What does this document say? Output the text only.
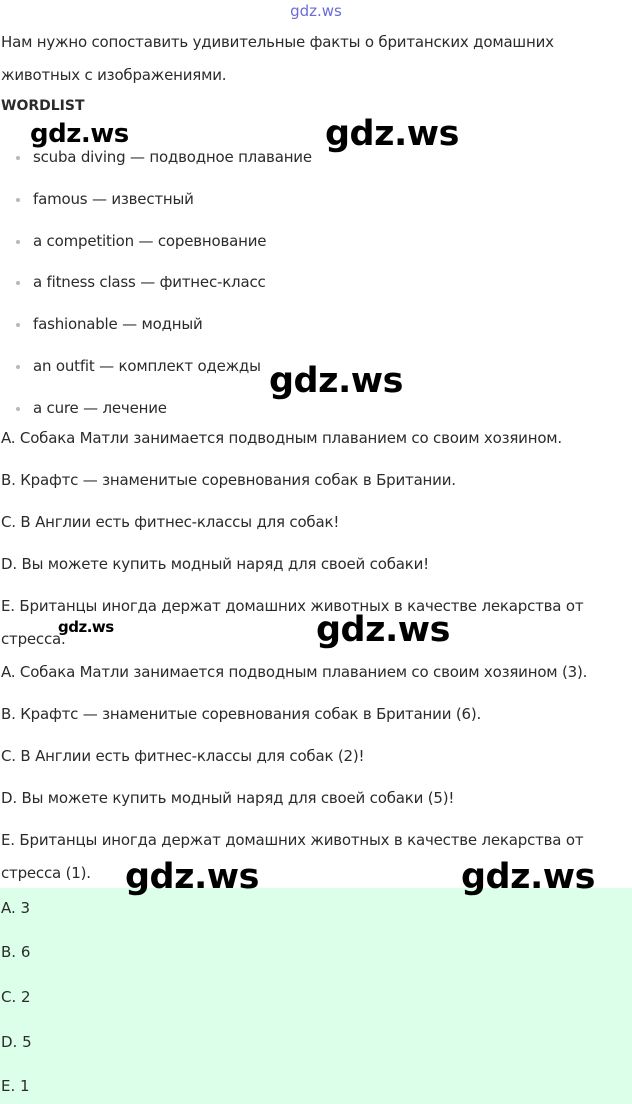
gdz.ws

Нам нужно сопоставить удивительные факты о британских домашних животных с изображениями.

WORDLIST
scuba diving — подводное плавание
famous — известный
a competition — соревнование
a fitness class — фитнес-класс
fashionable — модный
an outfit — комплект одежды
a cure — лечение

A. Собака Матли занимается подводным плаванием со своим хозяином.

B. Крафтс — знаменитые соревнования собак в Британии.

C. В Англии есть фитнес-классы для собак!

D. Вы можете купить модный наряд для своей собаки!

E. Британцы иногда держат домашних животных в качестве лекарства от

стресса.

A. Собака Матли занимается подводным плаванием со своим хозяином (3).

B. Крафтс — знаменитые соревнования собак в Британии (6).

C. В Англии есть фитнес-классы для собак (2)!

D. Вы можете купить модный наряд для своей собаки (5)!

E. Британцы иногда держат домашних животных в качестве лекарства от

стресса (1).

A. 3
B. 6
C. 2
D. 5
E. 1
gdz.ws	gdz.ws
gdz.ws
gdz.ws	gdz.ws
gdz.ws	gdz.ws
